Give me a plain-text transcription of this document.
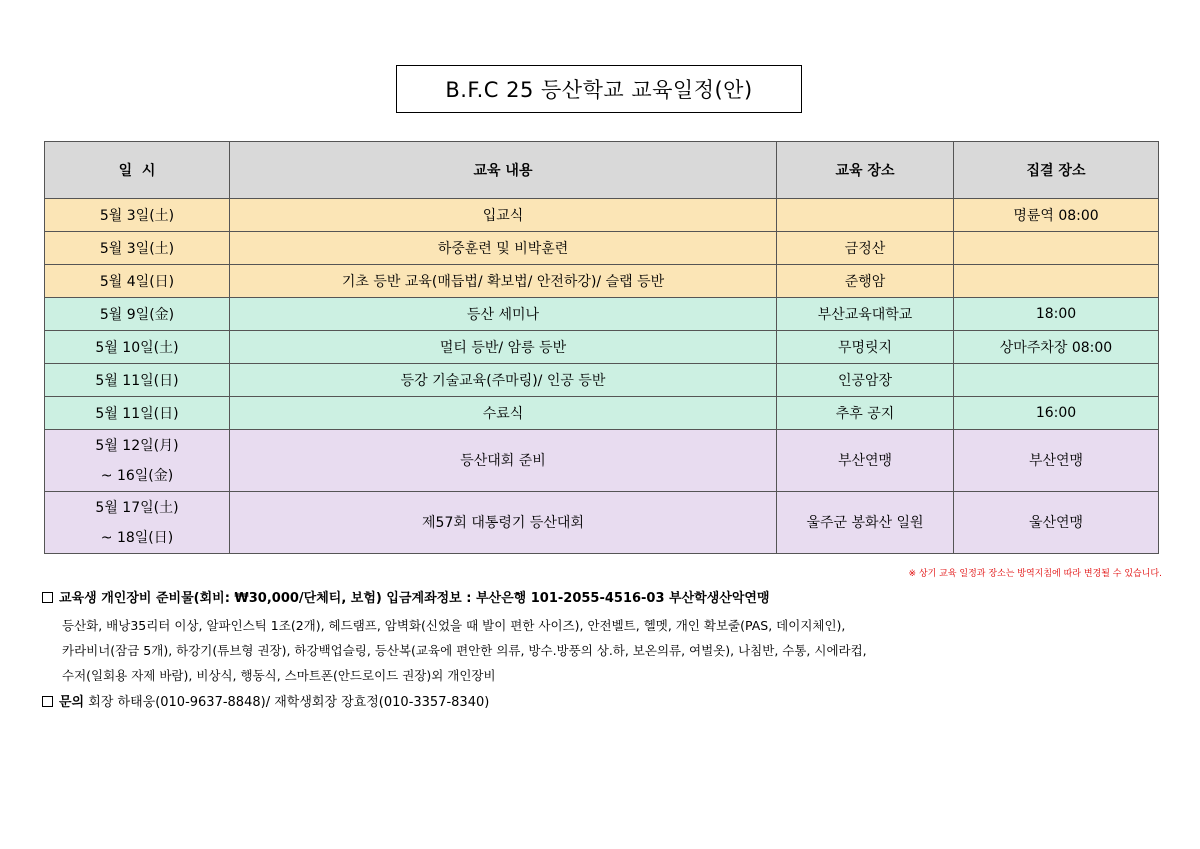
B.F.C 25 등산학교 교육일정(안)
일  시	교육 내용	교육 장소	집결 장소

5월 3일(土)	입교식		명륜역 08:00

5월 3일(土)	하중훈련 및 비박훈련	금정산	

5월 4일(日)	기초 등반 교육(매듭법/ 확보법/ 안전하강)/ 슬랩 등반	준행암	

5월 9일(金)	등산 세미나	부산교육대학교	18:00

5월 10일(土)	멀티 등반/ 암릉 등반	무명릿지	상마주차장 08:00

5월 11일(日)	등강 기술교육(주마링)/ 인공 등반	인공암장	

5월 11일(日)	수료식	추후 공지	16:00

5월 12일(月)
~ 16일(金)	등산대회 준비	부산연맹	부산연맹

5월 17일(土)
~ 18일(日)	제57회 대통령기 등산대회	울주군 봉화산 일원	울산연맹
※ 상기 교육 일정과 장소는 방역지침에 따라 변경될 수 있습니다.
교육생 개인장비 준비물(회비: ₩30,000/단체티, 보험) 입금계좌정보 : 부산은행 101-2055-4516-03 부산학생산악연맹
등산화, 배낭35리터 이상, 알파인스틱 1조(2개), 헤드램프, 암벽화(신었을 때 발이 편한 사이즈), 안전벨트, 헬멧, 개인 확보줄(PAS, 데이지체인),
카라비너(잠금 5개), 하강기(튜브형 권장), 하강백업슬링, 등산복(교육에 편안한 의류, 방수.방풍의 상.하, 보온의류, 여벌옷), 나침반, 수통, 시에라컵,
수저(일회용 자제 바람), 비상식, 행동식, 스마트폰(안드로이드 권장)외 개인장비
문의 회장 하태웅(010-9637-8848)/ 재학생회장 장효정(010-3357-8340)
